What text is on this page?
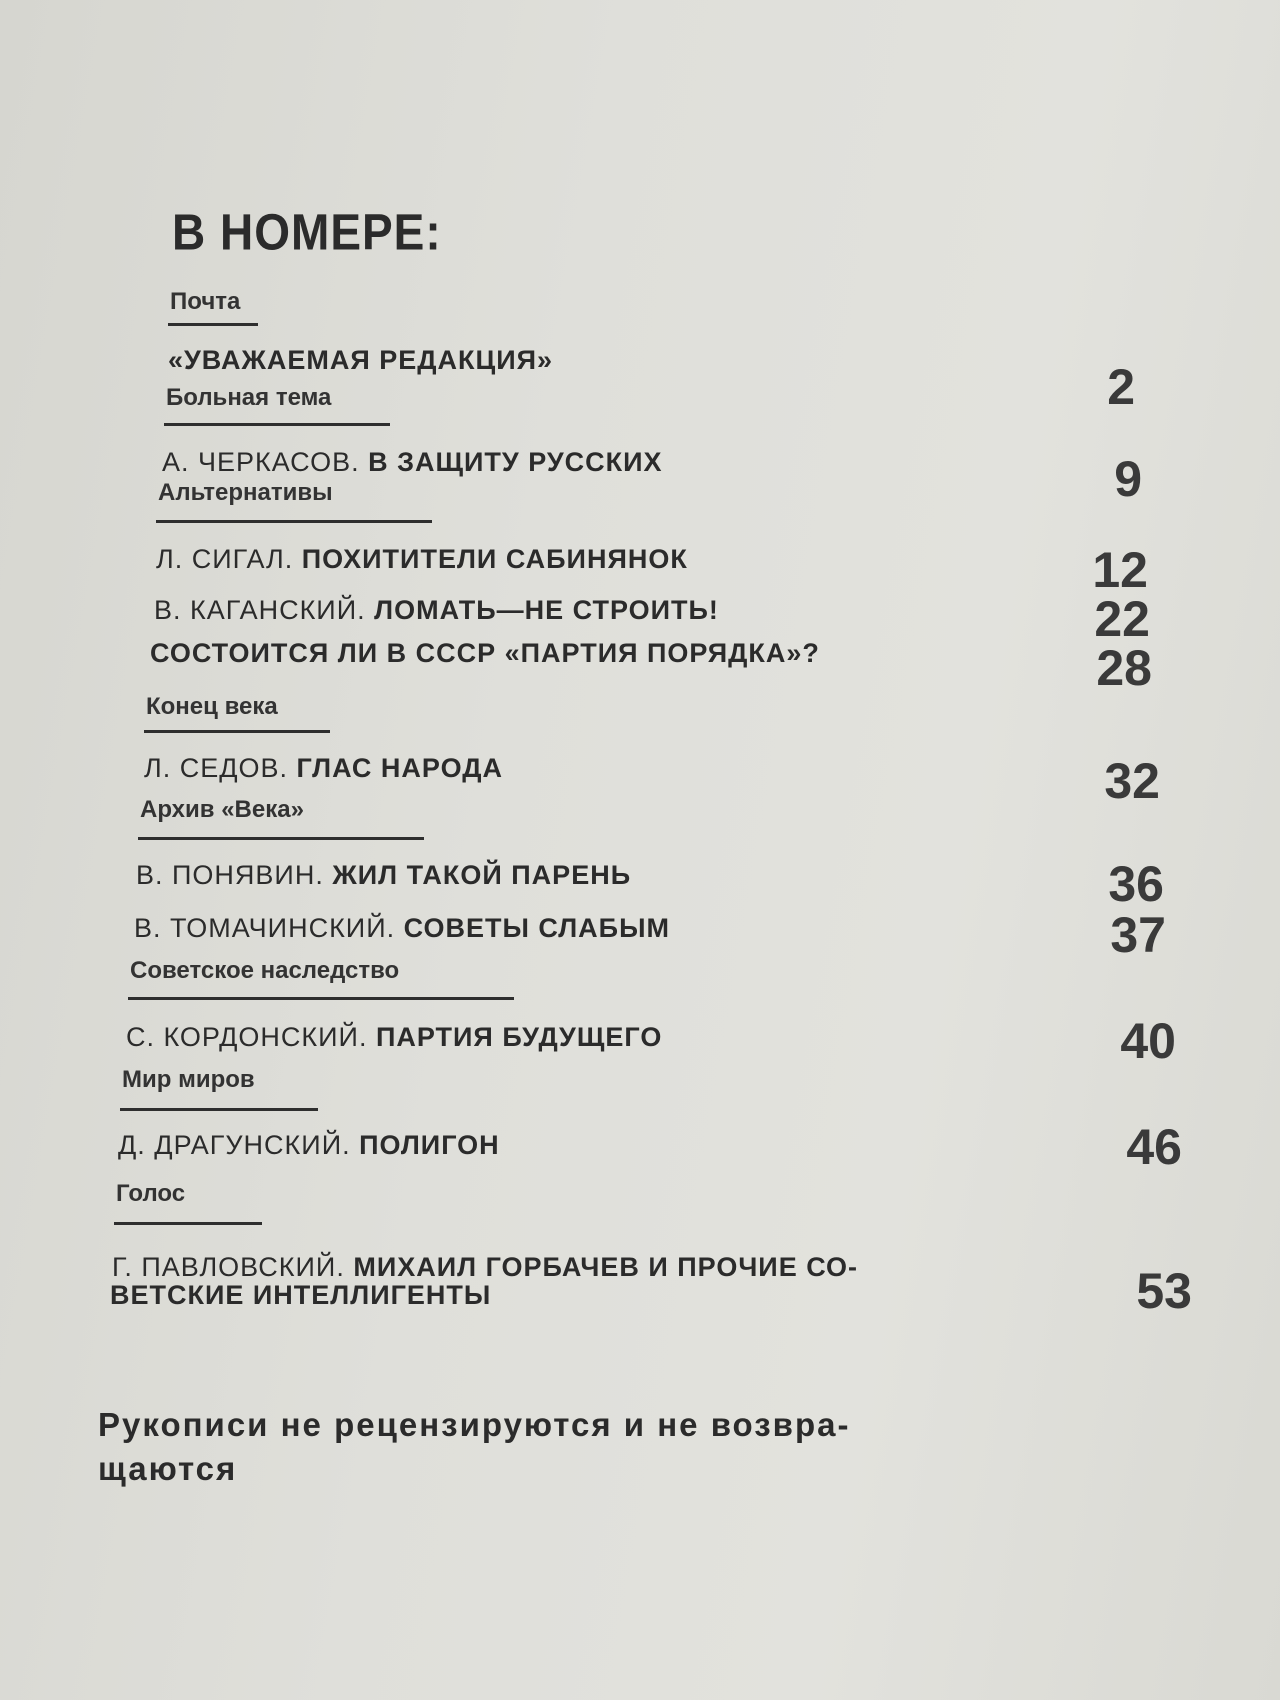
В НОМЕРЕ:
Почта
«УВАЖАЕМАЯ РЕДАКЦИЯ»	2
Больная тема
А. ЧЕРКАСОВ. В ЗАЩИТУ РУССКИХ	9
Альтернативы
Л. СИГАЛ. ПОХИТИТЕЛИ САБИНЯНОК	12
В. КАГАНСКИЙ. ЛОМАТЬ—НЕ СТРОИТЬ!	22
СОСТОИТСЯ ЛИ В СССР «ПАРТИЯ ПОРЯДКА»?	28
Конец века
Л. СЕДОВ. ГЛАС НАРОДА	32
Архив «Века»
В. ПОНЯВИН. ЖИЛ ТАКОЙ ПАРЕНЬ	36
В. ТОМАЧИНСКИЙ. СОВЕТЫ СЛАБЫМ	37
Советское наследство
С. КОРДОНСКИЙ. ПАРТИЯ БУДУЩЕГО	40
Мир миров
Д. ДРАГУНСКИЙ. ПОЛИГОН	46
Голос
Г. ПАВЛОВСКИЙ. МИХАИЛ ГОРБАЧЕВ И ПРОЧИЕ СО-
ВЕТСКИЕ ИНТЕЛЛИГЕНТЫ	53
Рукописи не рецензируются и не возвра-
щаются
